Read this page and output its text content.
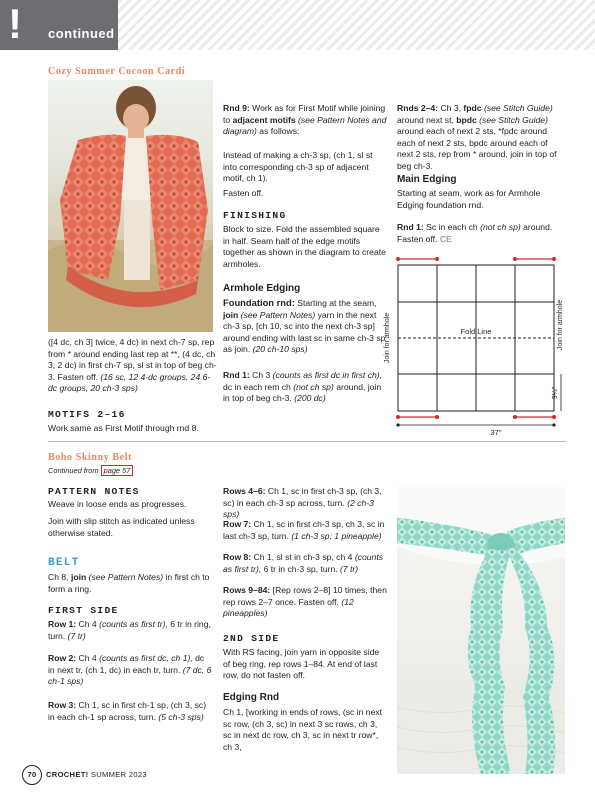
! continued
Cozy Summer Cocoon Cardi

([4 dc, ch 3] twice, 4 dc) in next ch-7 sp, rep from * around ending last rep at **, (4 dc, ch 3, 2 dc) in first ch-7 sp, sl st in top of beg ch-3. Fasten off. (16 sc, 12 4-dc groups, 24 6-dc groups, 20 ch-3 sps)

MOTIFS 2–16

Work same as First Motif through rnd 8.

Rnd 9: Work as for First Motif while joining to adjacent motifs (see Pattern Notes and diagram) as follows:

Instead of making a ch-3 sp, (ch 1, sl st into corresponding ch-3 sp of adjacent motif, ch 1).

Fasten off.

FINISHING

Block to size. Fold the assembled square in half. Seam half of the edge motifs together as shown in the diagram to create armholes.

Armhole Edging

Foundation rnd: Starting at the seam, join (see Pattern Notes) yarn in the next ch-3 sp, [ch 10, sc into the next ch-3 sp] around ending with last sc in same ch-3 sp as join. (20 ch-10 sps)

Rnd 1: Ch 3 (counts as first dc in first ch), dc in each rem ch (not ch sp) around, join in top of beg ch-3. (200 dc)

Rnds 2–4: Ch 3, fpdc (see Stitch Guide) around next st, bpdc (see Stitch Guide) around each of next 2 sts, *fpdc around each of next 2 sts, bpdc around each of next 2 sts, rep from * around, join in top of beg ch-3.

Main Edging

Starting at seam, work as for Armhole Edging foundation rnd.

Rnd 1: Sc in each ch (not ch sp) around. Fasten off. CE

Fold Line
Join for armhole	Join for armhole
9¼"
37"
Boho Skinny Belt
Continued from page 57
PATTERN NOTES

Weave in loose ends as progresses.

Join with slip stitch as indicated unless otherwise stated.

BELT

Ch 8, join (see Pattern Notes) in first ch to form a ring.

FIRST SIDE

Row 1: Ch 4 (counts as first tr), 6 tr in ring, turn. (7 tr)

Row 2: Ch 4 (counts as first dc, ch 1), dc in next tr, (ch 1, dc) in each tr, turn. (7 dc, 6 ch-1 sps)

Row 3: Ch 1, sc in first ch-1 sp, (ch 3, sc) in each ch-1 sp across, turn. (5 ch-3 sps)

Rows 4–6: Ch 1, sc in first ch-3 sp, (ch 3, sc) in each ch-3 sp across, turn. (2 ch-3 sps)

Row 7: Ch 1, sc in first ch-3 sp, ch 3, sc in last ch-3 sp, turn. (1 ch-3 sp; 1 pineapple)

Row 8: Ch 1, sl st in ch-3 sp, ch 4 (counts as first tr), 6 tr in ch-3 sp, turn. (7 tr)

Rows 9–84: [Rep rows 2–8] 10 times, then rep rows 2–7 once. Fasten off. (12 pineapples)

2ND SIDE

With RS facing, join yarn in opposite side of beg ring, rep rows 1–84. At end of last row, do not fasten off.

Edging Rnd

Ch 1, [working in ends of rows, (sc in next sc row, (ch 3, sc) in next 3 sc rows, ch 3, sc in next dc row, ch 3, sc in next tr row*, ch 3,

70 CROCHET! SUMMER 2023
